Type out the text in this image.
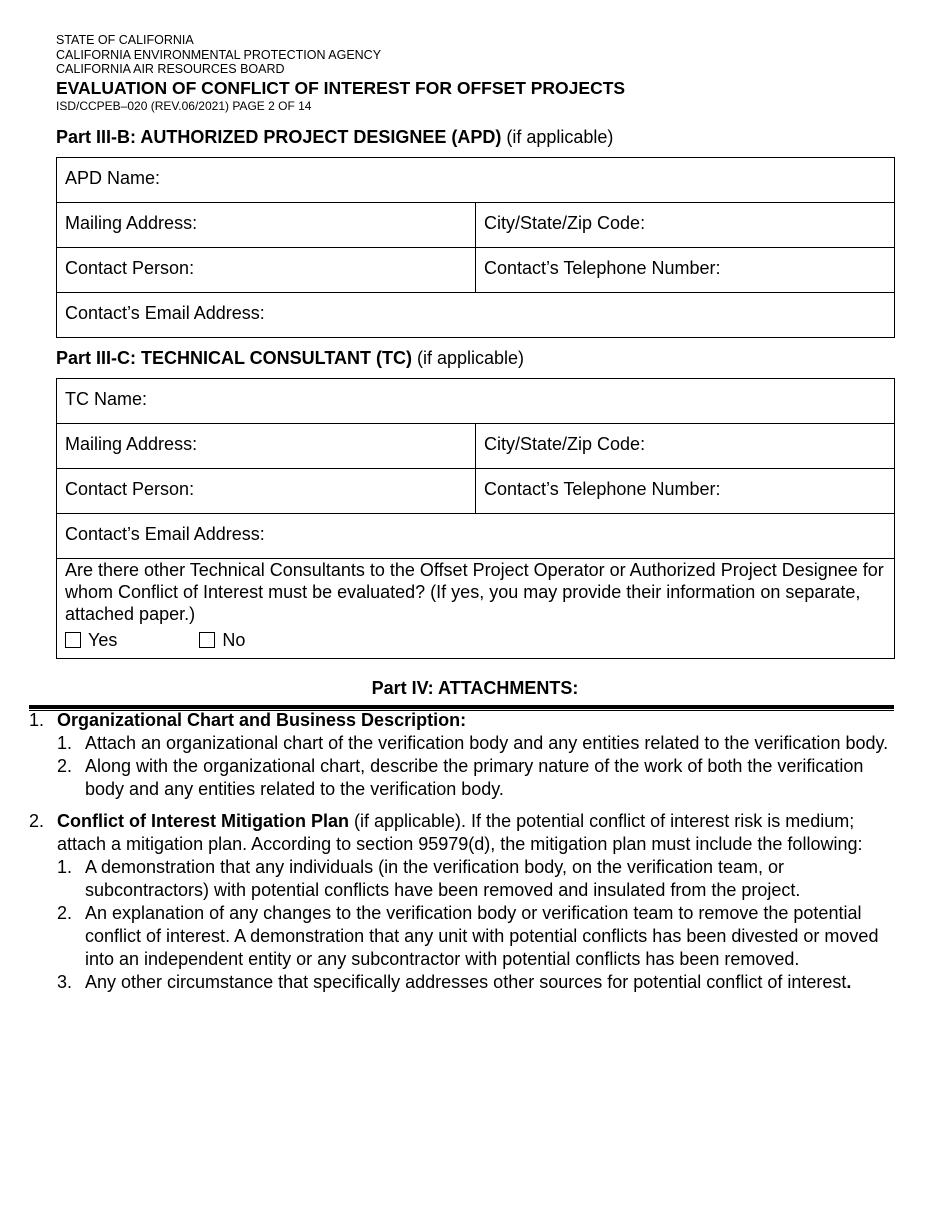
STATE OF CALIFORNIA
CALIFORNIA ENVIRONMENTAL PROTECTION AGENCY
CALIFORNIA AIR RESOURCES BOARD
EVALUATION OF CONFLICT OF INTEREST FOR OFFSET PROJECTS
ISD/CCPEB–020 (REV.06/2021) PAGE 2 OF 14
Part III-B: AUTHORIZED PROJECT DESIGNEE (APD) (if applicable)
APD Name:	
Mailing Address:	City/State/Zip Code:
Contact Person:	Contact’s Telephone Number:
Contact’s Email Address:	
Part III-C: TECHNICAL CONSULTANT (TC) (if applicable)
TC Name:	
Mailing Address:	City/State/Zip Code:
Contact Person:	Contact’s Telephone Number:
Contact’s Email Address:	

Are there other Technical Consultants to the Offset Project Operator or Authorized Project Designee for whom Conflict of Interest must be evaluated? (If yes, you may provide their information on separate, attached paper.)
Yes No	
Part IV: ATTACHMENTS:
1. Organizational Chart and Business Description:
1. Attach an organizational chart of the verification body and any entities related to the verification body.
2. Along with the organizational chart, describe the primary nature of the work of both the verification body and any entities related to the verification body.
2. Conflict of Interest Mitigation Plan (if applicable). If the potential conflict of interest risk is medium; attach a mitigation plan. According to section 95979(d), the mitigation plan must include the following:
1. A demonstration that any individuals (in the verification body, on the verification team, or subcontractors) with potential conflicts have been removed and insulated from the project.
2. An explanation of any changes to the verification body or verification team to remove the potential conflict of interest. A demonstration that any unit with potential conflicts has been divested or moved into an independent entity or any subcontractor with potential conflicts has been removed.
3. Any other circumstance that specifically addresses other sources for potential conflict of interest.
